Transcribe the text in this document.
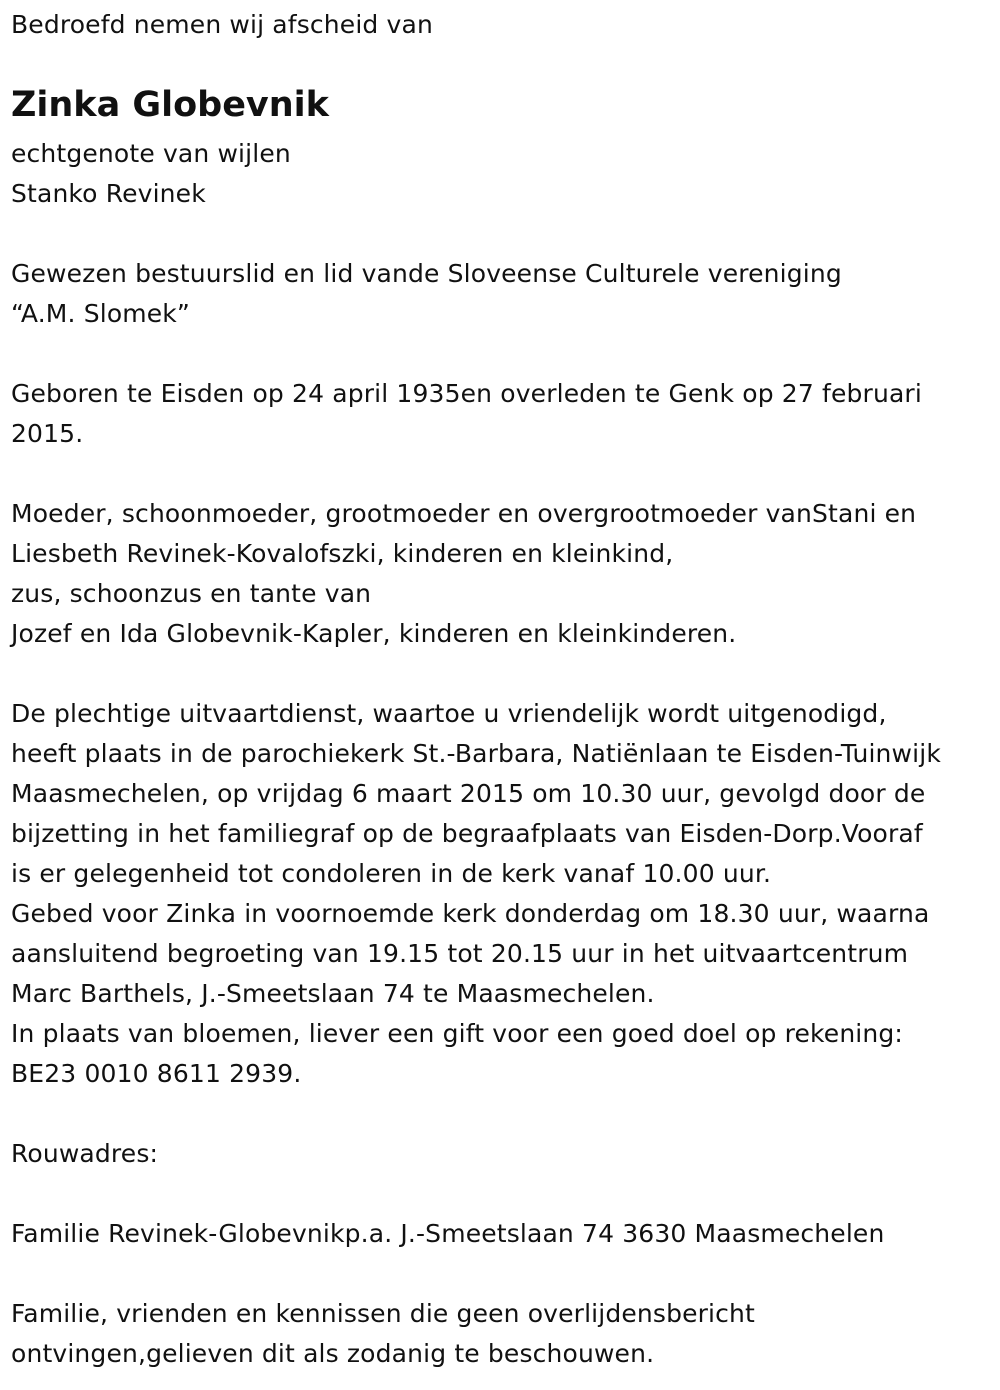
Bedroefd nemen wij afscheid van
Zinka Globevnik
echtgenote van wijlen
Stanko Revinek
Gewezen bestuurslid en lid vande Sloveense Culturele vereniging
“A.M. Slomek”
Geboren te Eisden op 24 april 1935en overleden te Genk op 27 februari
2015.
Moeder, schoonmoeder, grootmoeder en overgrootmoeder vanStani en
Liesbeth Revinek-Kovalofszki, kinderen en kleinkind,
zus, schoonzus en tante van
Jozef en Ida Globevnik-Kapler, kinderen en kleinkinderen.
De plechtige uitvaartdienst, waartoe u vriendelijk wordt uitgenodigd,
heeft plaats in de parochiekerk St.-Barbara, Natiënlaan te Eisden-Tuinwijk
Maasmechelen, op vrijdag 6 maart 2015 om 10.30 uur, gevolgd door de
bijzetting in het familiegraf op de begraafplaats van Eisden-Dorp.Vooraf
is er gelegenheid tot condoleren in de kerk vanaf 10.00 uur.
Gebed voor Zinka in voornoemde kerk donderdag om 18.30 uur, waarna
aansluitend begroeting van 19.15 tot 20.15 uur in het uitvaartcentrum
Marc Barthels, J.-Smeetslaan 74 te Maasmechelen.
In plaats van bloemen, liever een gift voor een goed doel op rekening:
BE23 0010 8611 2939.
Rouwadres:
Familie Revinek-Globevnikp.a. J.-Smeetslaan 74 3630 Maasmechelen
Familie, vrienden en kennissen die geen overlijdensbericht
ontvingen,gelieven dit als zodanig te beschouwen.
